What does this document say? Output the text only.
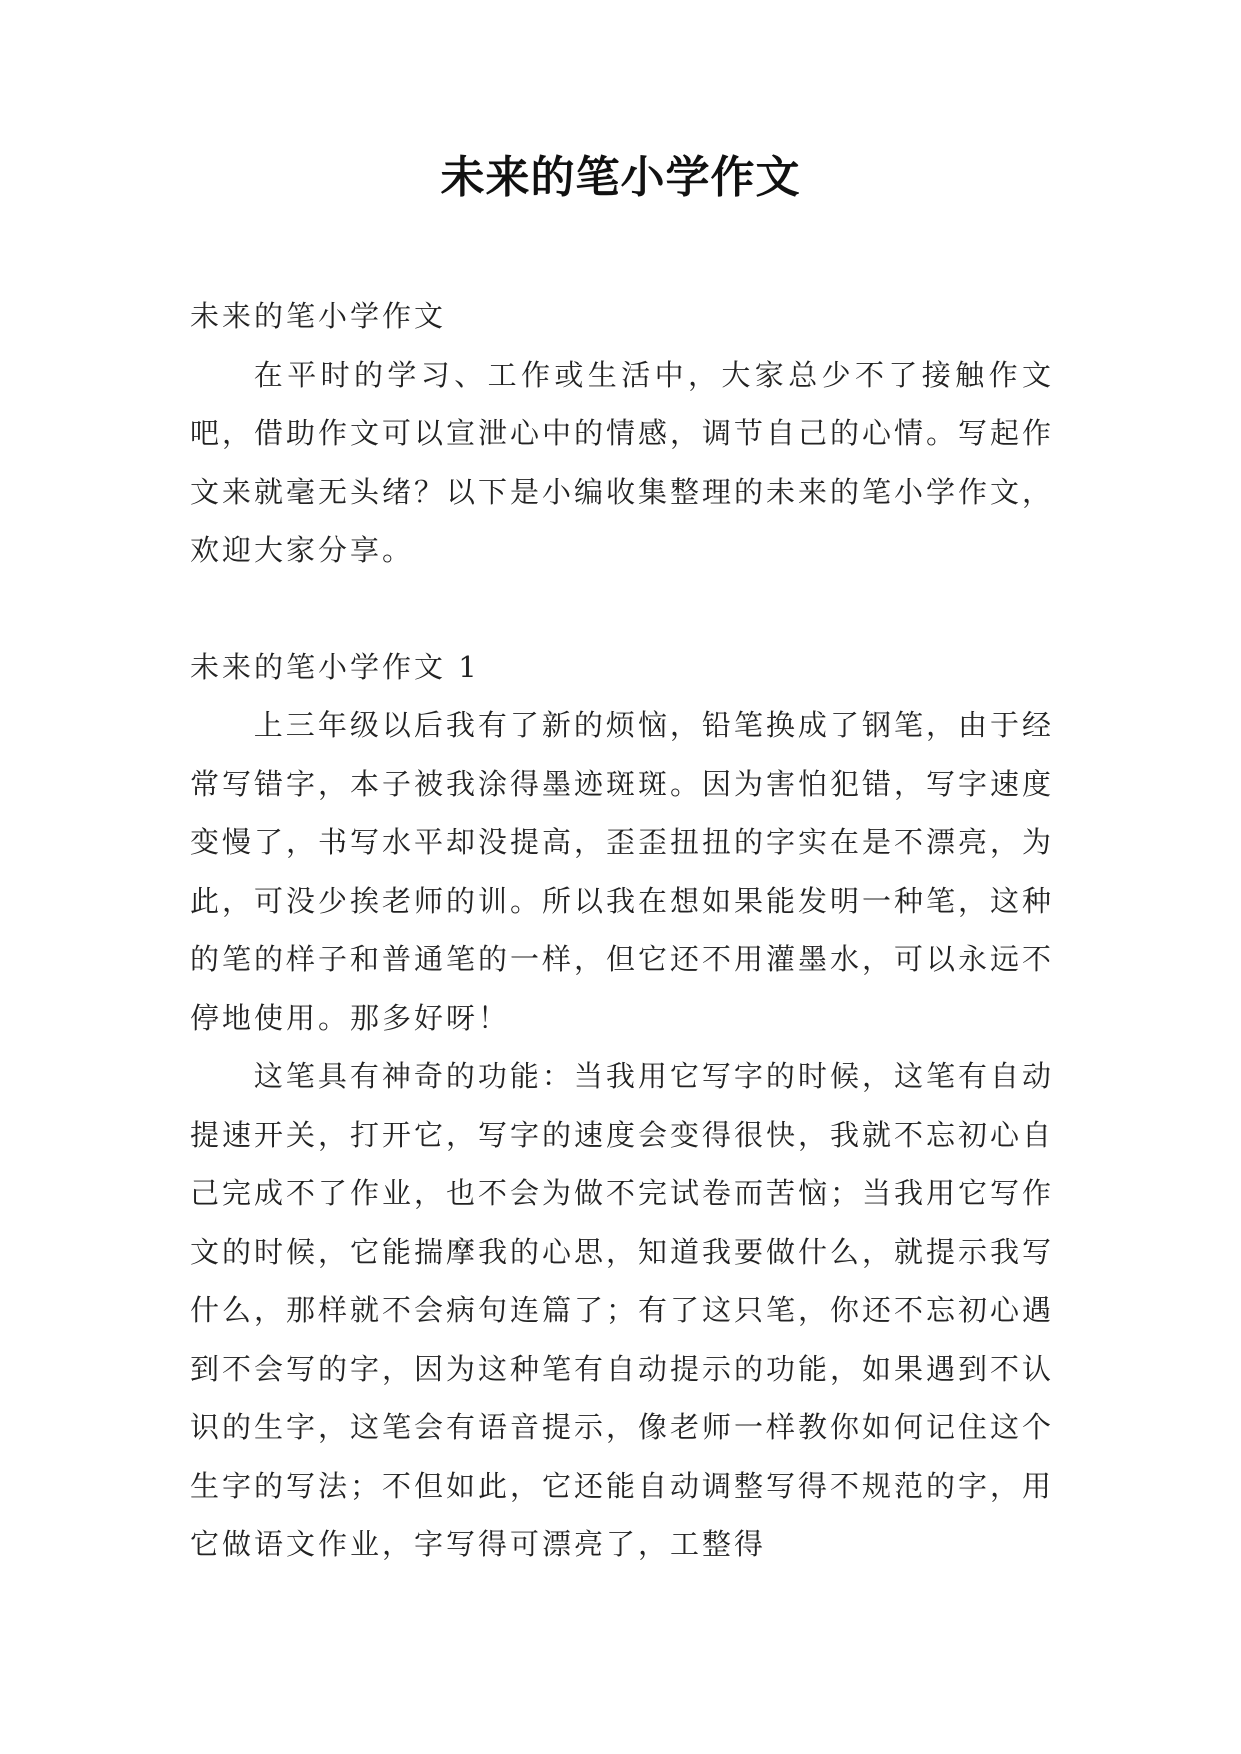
未来的笔小学作文

未来的笔小学作文

在平时的学习、工作或生活中，大家总少不了接触作文吧，借助作文可以宣泄心中的情感，调节自己的心情。写起作文来就毫无头绪？以下是小编收集整理的未来的笔小学作文，欢迎大家分享。

未来的笔小学作文 1

上三年级以后我有了新的烦恼，铅笔换成了钢笔，由于经常写错字，本子被我涂得墨迹斑斑。因为害怕犯错，写字速度变慢了，书写水平却没提高，歪歪扭扭的字实在是不漂亮，为此，可没少挨老师的训。所以我在想如果能发明一种笔，这种的笔的样子和普通笔的一样，但它还不用灌墨水，可以永远不停地使用。那多好呀！

这笔具有神奇的功能：当我用它写字的时候，这笔有自动提速开关，打开它，写字的速度会变得很快，我就不忘初心自己完成不了作业，也不会为做不完试卷而苦恼；当我用它写作文的时候，它能揣摩我的心思，知道我要做什么，就提示我写什么，那样就不会病句连篇了；有了这只笔，你还不忘初心遇到不会写的字，因为这种笔有自动提示的功能，如果遇到不认识的生字，这笔会有语音提示，像老师一样教你如何记住这个生字的写法；不但如此，它还能自动调整写得不规范的字，用它做语文作业，字写得可漂亮了，工整得
